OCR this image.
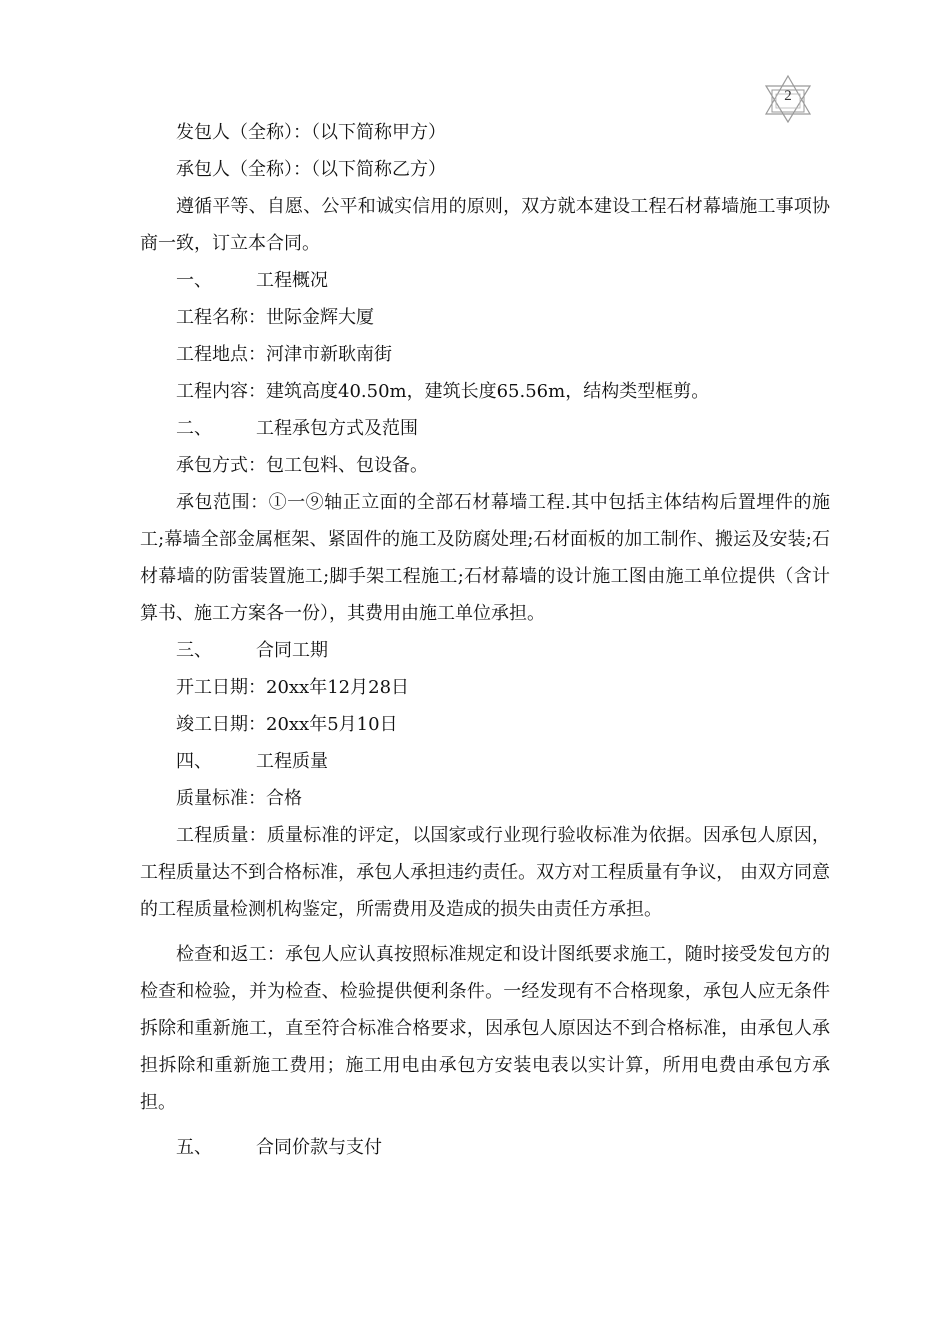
2

发包人（全称）：（以下简称甲方）

承包人（全称）：（以下简称乙方）

遵循平等、自愿、公平和诚实信用的原则，双方就本建设工程石材幕墙施工事项协商一致，订立本合同。

一、 工程概况

工程名称：世际金辉大厦

工程地点：河津市新耿南街

工程内容：建筑高度40.50m，建筑长度65.56m，结构类型框剪。

二、 工程承包方式及范围

承包方式：包工包料、包设备。

承包范围：①一⑨轴正立面的全部石材幕墙工程.其中包括主体结构后置埋件的施工;幕墙全部金属框架、紧固件的施工及防腐处理;石材面板的加工制作、搬运及安装;石材幕墙的防雷装置施工;脚手架工程施工;石材幕墙的设计施工图由施工单位提供（含计算书、施工方案各一份），其费用由施工单位承担。

三、 合同工期

开工日期：20xx年12月28日

竣工日期：20xx年5月10日

四、 工程质量

质量标准：合格

工程质量：质量标准的评定，以国家或行业现行验收标准为依据。因承包人原因，工程质量达不到合格标准，承包人承担违约责任。双方对工程质量有争议， 由双方同意的工程质量检测机构鉴定，所需费用及造成的损失由责任方承担。

检查和返工：承包人应认真按照标准规定和设计图纸要求施工，随时接受发包方的检查和检验，并为检查、检验提供便利条件。一经发现有不合格现象，承包人应无条件拆除和重新施工，直至符合标准合格要求，因承包人原因达不到合格标准，由承包人承担拆除和重新施工费用；施工用电由承包方安装电表以实计算，所用电费由承包方承担。

五、 合同价款与支付
